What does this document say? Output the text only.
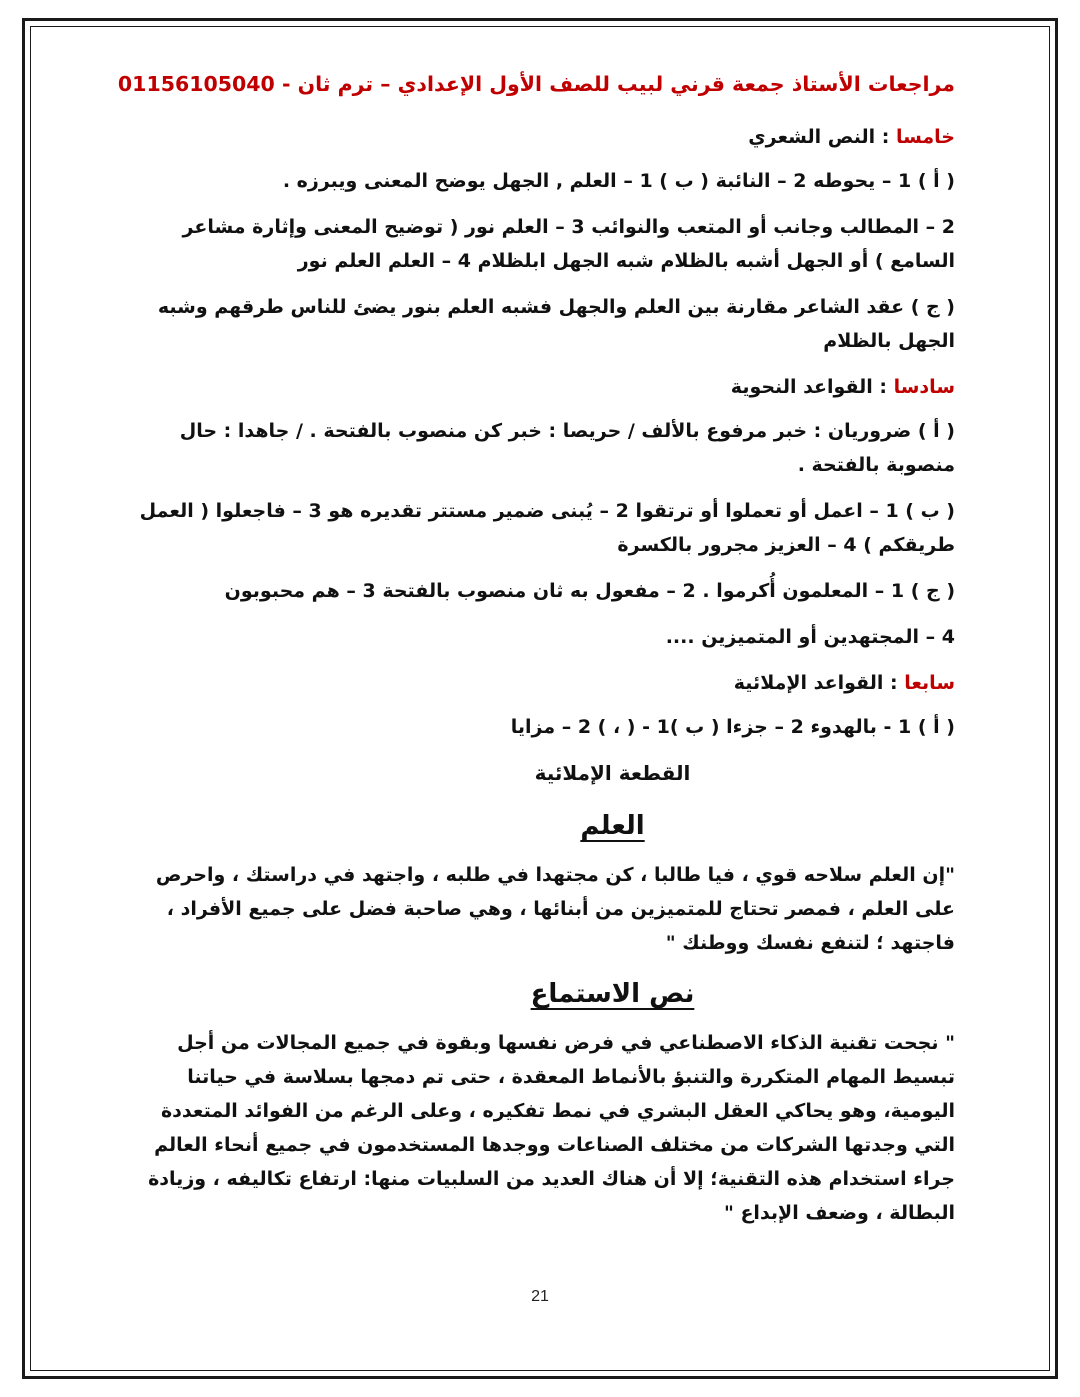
مراجعات الأستاذ جمعة قرني لبيب للصف الأول الإعدادي – ترم ثان - 01156105040
خامسا : النص الشعري

( أ ) 1 – يحوطه 2 – النائبة ( ب ) 1 – العلم , الجهل يوضح المعنى ويبرزه .

2 – المطالب وجانب أو المتعب والنوائب 3 – العلم نور ( توضيح المعنى وإثارة مشاعر السامع ) أو الجهل أشبه بالظلام شبه الجهل ابلظلام 4 – العلم العلم نور

( ج ) عقد الشاعر مقارنة بين العلم والجهل فشبه العلم بنور يضئ للناس طرقهم وشبه الجهل بالظلام

سادسا : القواعد النحوية

( أ ) ضروريان : خبر مرفوع بالألف / حريصا : خبر كن منصوب بالفتحة . / جاهدا : حال منصوبة بالفتحة .

( ب ) 1 – اعمل أو تعملوا أو ترتقوا 2 – يُبنى ضمير مستتر تقديره هو 3 – فاجعلوا ( العمل طريقكم ) 4 – العزيز مجرور بالكسرة

( ج ) 1 – المعلمون أُكرموا . 2 – مفعول به ثان منصوب بالفتحة 3 – هم محبوبون

4 – المجتهدين أو المتميزين ....

سابعا : القواعد الإملائية

( أ ) 1 - بالهدوء 2 – جزءا ( ب )1 - ( ، ) 2 – مزايا

القطعة الإملائية
العلم

"إن العلم سلاحه قوي ، فيا طالبا ، كن مجتهدا في طلبه ، واجتهد في دراستك ، واحرص على العلم ، فمصر تحتاج للمتميزين من أبنائها ، وهي صاحبة فضل على جميع الأفراد ، فاجتهد ؛ لتنفع نفسك ووطنك "

نص الاستماع

" نجحت تقنية الذكاء الاصطناعي في فرض نفسها وبقوة في جميع المجالات من أجل تبسيط المهام المتكررة والتنبؤ بالأنماط المعقدة ، حتى تم دمجها بسلاسة في حياتنا اليومية، وهو يحاكي العقل البشري في نمط تفكيره ، وعلى الرغم من الفوائد المتعددة التي وجدتها الشركات من مختلف الصناعات ووجدها المستخدمون في جميع أنحاء العالم جراء استخدام هذه التقنية؛ إلا أن هناك العديد من السلبيات منها: ارتفاع تكاليفه ، وزيادة البطالة ، وضعف الإبداع "

21
